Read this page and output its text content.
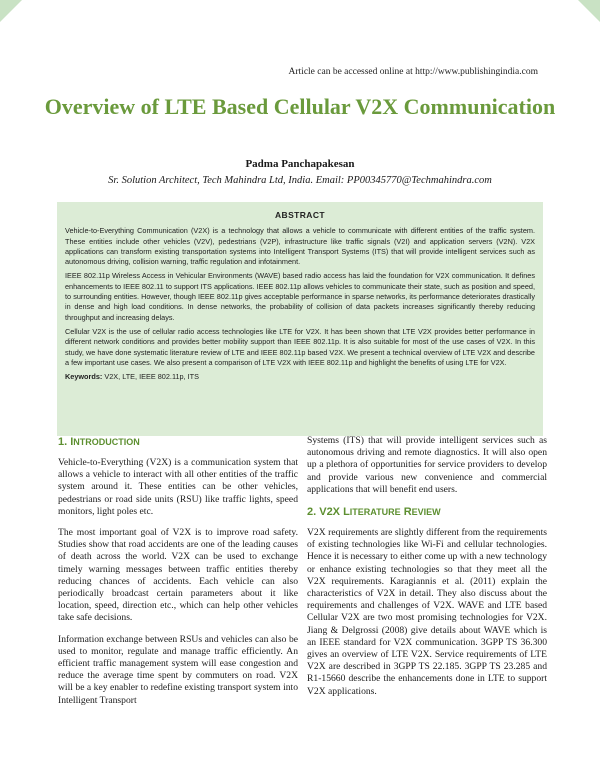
Article can be accessed online at http://www.publishingindia.com
Overview of LTE Based Cellular V2X Communication
Padma Panchapakesan
Sr. Solution Architect, Tech Mahindra Ltd, India. Email: PP00345770@Techmahindra.com
ABSTRACT

Vehicle-to-Everything Communication (V2X) is a technology that allows a vehicle to communicate with different entities of the traffic system. These entities include other vehicles (V2V), pedestrians (V2P), infrastructure like traffic signals (V2I) and application servers (V2N). V2X applications can transform existing transportation systems into Intelligent Transport Systems (ITS) that will provide intelligent services such as autonomous driving, collision warning, traffic regulation and infotainment.

IEEE 802.11p Wireless Access in Vehicular Environments (WAVE) based radio access has laid the foundation for V2X communication. It defines enhancements to IEEE 802.11 to support ITS applications. IEEE 802.11p allows vehicles to communicate their state, such as position and speed, to surrounding entities. However, though IEEE 802.11p gives acceptable performance in sparse networks, its performance deteriorates drastically in dense and high load conditions. In dense networks, the probability of collision of data packets increases significantly thereby reducing throughput and increasing delays.

Cellular V2X is the use of cellular radio access technologies like LTE for V2X. It has been shown that LTE V2X provides better performance in different network conditions and provides better mobility support than IEEE 802.11p. It is also suitable for most of the use cases of V2X. In this study, we have done systematic literature review of LTE and IEEE 802.11p based V2X. We present a technical overview of LTE V2X and describe a few important use cases. We also present a comparison of LTE V2X with IEEE 802.11p and highlight the benefits of using LTE for V2X.

Keywords: V2X, LTE, IEEE 802.11p, ITS

1. INTRODUCTION

Vehicle-to-Everything (V2X) is a communication system that allows a vehicle to interact with all other entities of the traffic system around it. These entities can be other vehicles, pedestrians or road side units (RSU) like traffic lights, speed monitors, light poles etc.

The most important goal of V2X is to improve road safety. Studies show that road accidents are one of the leading causes of death across the world. V2X can be used to exchange timely warning messages between traffic entities thereby reducing chances of accidents. Each vehicle can also periodically broadcast certain parameters about it like location, speed, direction etc., which can help other vehicles take safe decisions.

Information exchange between RSUs and vehicles can also be used to monitor, regulate and manage traffic efficiently. An efficient traffic management system will ease congestion and reduce the average time spent by commuters on road. V2X will be a key enabler to redefine existing transport system into Intelligent Transport

Systems (ITS) that will provide intelligent services such as autonomous driving and remote diagnostics. It will also open up a plethora of opportunities for service providers to develop and provide various new convenience and commercial applications that will benefit end users.

2. V2X LITERATURE REVIEW

V2X requirements are slightly different from the requirements of existing technologies like Wi-Fi and cellular technologies. Hence it is necessary to either come up with a new technology or enhance existing technologies so that they meet all the V2X requirements. Karagiannis et al. (2011) explain the characteristics of V2X in detail. They also discuss about the requirements and challenges of V2X. WAVE and LTE based Cellular V2X are two most promising technologies for V2X. Jiang & Delgrossi (2008) give details about WAVE which is an IEEE standard for V2X communication. 3GPP TS 36.300 gives an overview of LTE V2X. Service requirements of LTE V2X are described in 3GPP TS 22.185. 3GPP TS 23.285 and R1-15660 describe the enhancements done in LTE to support V2X applications.
